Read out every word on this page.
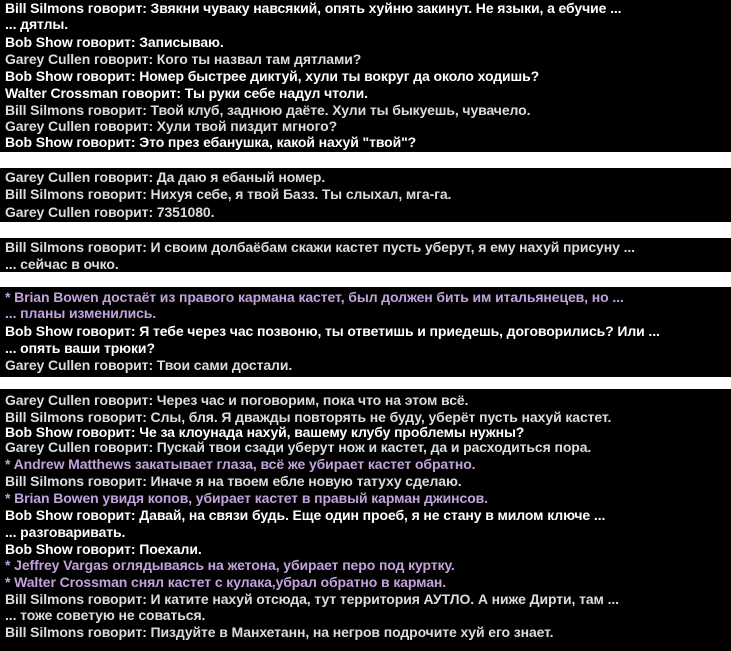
Bill Silmons говорит: Звякни чуваку навсякий, опять хуйню закинут. Не языки, а ебучие ...
... дятлы.
Bob Show говорит: Записываю.
Garey Cullen говорит: Кого ты назвал там дятлами?
Bob Show говорит: Номер быстрее диктуй, хули ты вокруг да около ходишь?
Walter Crossman говорит: Ты руки себе надул чтоли.
Bill Silmons говорит: Твой клуб, заднюю даёте. Хули ты быкуешь, чувачело.
Garey Cullen говорит: Хули твой пиздит мгного?
Bob Show говорит: Это през ебанушка, какой нахуй "твой"?
Garey Cullen говорит: Да даю я ебаный номер.
Bill Silmons говорит: Нихуя себе, я твой Базз. Ты слыхал, мга-га.
Garey Cullen говорит: 7351080.
Bill Silmons говорит: И своим долбаёбам скажи кастет пусть уберут, я ему нахуй присуну ...
... сейчас в очко.
* Brian Bowen достаёт из правого кармана кастет, был должен бить им итальянецев, но ...
... планы изменились.
Bob Show говорит: Я тебе через час позвоню, ты ответишь и приедешь, договорились? Или ...
... опять ваши трюки?
Garey Cullen говорит: Твои сами достали.
Garey Cullen говорит: Через час и поговорим, пока что на этом всё.
Bill Silmons говорит: Слы, бля. Я дважды повторять не буду, уберёт пусть нахуй кастет.
Bob Show говорит: Че за клоунада нахуй, вашему клубу проблемы нужны?
Garey Cullen говорит: Пускай твои сзади уберут нож и кастет, да и расходиться пора.
* Andrew Matthews закатывает глаза, всё же убирает кастет обратно.
Bill Silmons говорит: Иначе я на твоем ебле новую татуху сделаю.
* Brian Bowen увидя копов, убирает кастет в правый карман джинсов.
Bob Show говорит: Давай, на связи будь. Еще один проеб, я не стану в милом ключе ...
... разговаривать.
Bob Show говорит: Поехали.
* Jeffrey Vargas оглядываясь на жетона, убирает перо под куртку.
* Walter Crossman снял кастет с кулака,убрал обратно в карман.
Bill Silmons говорит: И катите нахуй отсюда, тут территория АУТЛО. А ниже Дирти, там ...
... тоже советую не соваться.
Bill Silmons говорит: Пиздуйте в Манхетанн, на негров подрочите хуй его знает.
